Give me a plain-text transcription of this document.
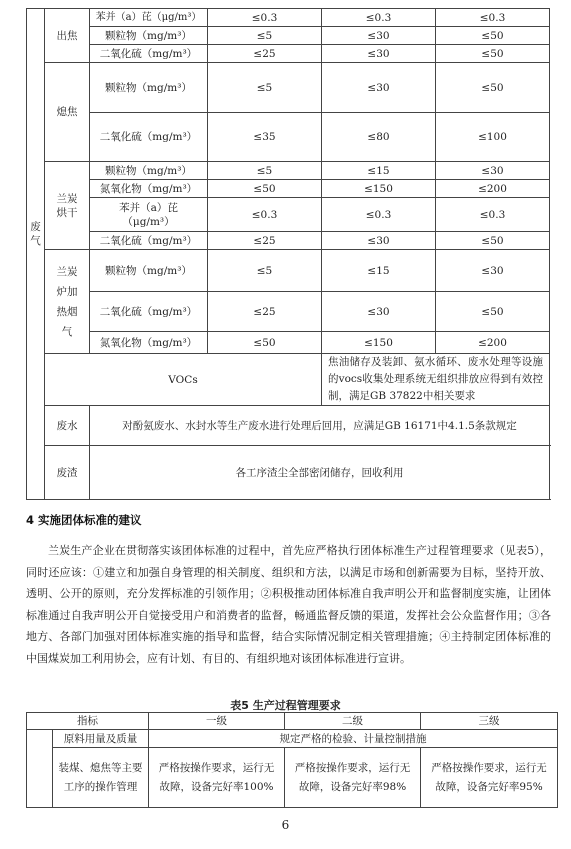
废气	出焦	苯并（a）芘（μg/m³）	≤0.3	≤0.3	≤0.3
		颗粒物（mg/m³）	≤5	≤30	≤50
		二氧化硫（mg/m³）	≤25	≤30	≤50
	熄焦	颗粒物（mg/m³）	≤5	≤30	≤50
		二氧化硫（mg/m³）	≤35	≤80	≤100
	兰炭烘干	颗粒物（mg/m³）	≤5	≤15	≤30
		氮氧化物（mg/m³）	≤50	≤150	≤200
		苯并（a）芘（μg/m³）	≤0.3	≤0.3	≤0.3
		二氧化硫（mg/m³）	≤25	≤30	≤50
	兰炭炉加热烟气	颗粒物（mg/m³）	≤5	≤15	≤30
		二氧化硫（mg/m³）	≤25	≤30	≤50
		氮氧化物（mg/m³）	≤50	≤150	≤200
	VOCs			焦油储存及装卸、氨水循环、废水处理等设施的vocs收集处理系统无组织排放应得到有效控制，满足GB 37822中相关要求	
	废水	对酚氨废水、水封水等生产废水进行处理后回用，应满足GB 16171中4.1.5条款规定			
	废渣	各工序渣尘全部密闭储存，回收利用			
4 实施团体标准的建议
兰炭生产企业在贯彻落实该团体标准的过程中，首先应严格执行团体标准生产过程管理要求（见表5），同时还应该：①建立和加强自身管理的相关制度、组织和方法，以满足市场和创新需要为目标，坚持开放、透明、公开的原则，充分发挥标准的引领作用；②积极推动团体标准自我声明公开和监督制度实施，让团体标准通过自我声明公开自觉接受用户和消费者的监督，畅通监督反馈的渠道，发挥社会公众监督作用；③各地方、各部门加强对团体标准实施的指导和监督，结合实际情况制定相关管理措施；④主持制定团体标准的中国煤炭加工利用协会，应有计划、有目的、有组织地对该团体标准进行宣讲。
表5 生产过程管理要求
指标		一级	二级	三级
	原料用量及质量	规定严格的检验、计量控制措施		
	装煤、熄焦等主要工序的操作管理	严格按操作要求，运行无故障，设备完好率100%	严格按操作要求，运行无故障，设备完好率98%	严格按操作要求，运行无故障，设备完好率95%
6
